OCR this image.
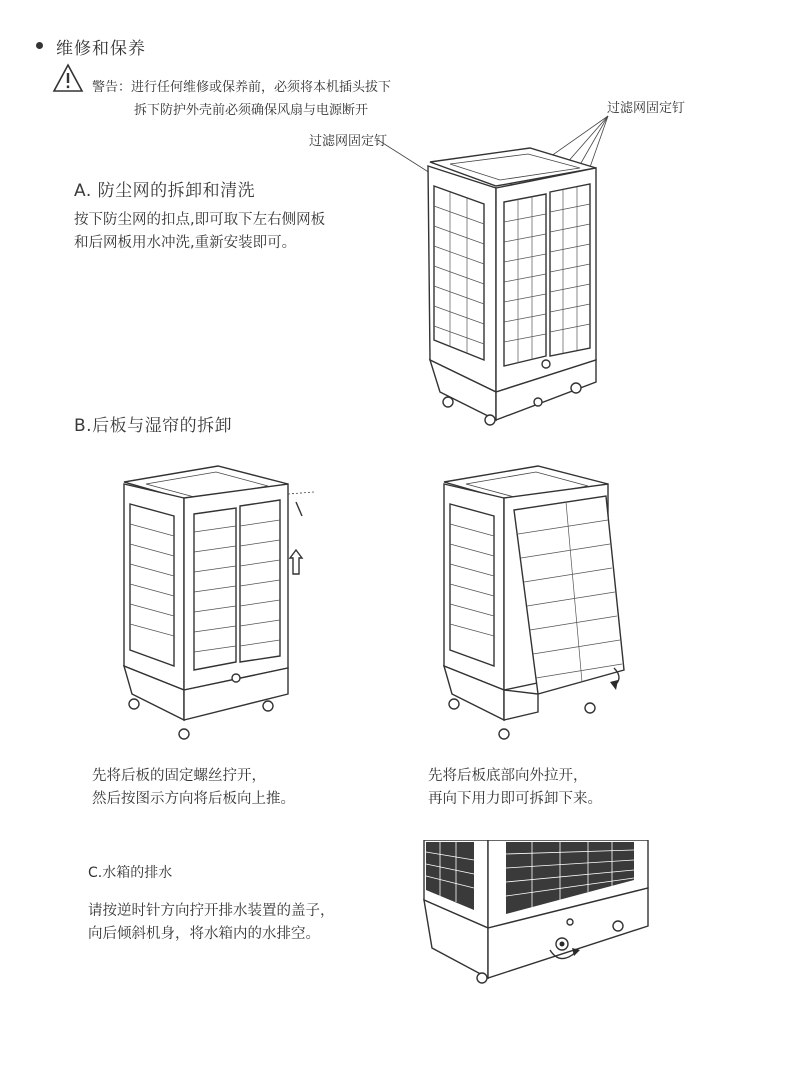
维修和保养
警告：进行任何维修或保养前，必须将本机插头拔下
拆下防护外壳前必须确保风扇与电源断开	过滤网固定钉
过滤网固定钉
A. 防尘网的拆卸和清洗
按下防尘网的扣点,即可取下左右侧网板
和后网板用水冲洗,重新安装即可。
B.后板与湿帘的拆卸
先将后板的固定螺丝拧开，
然后按图示方向将后板向上推。
先将后板底部向外拉开，
再向下用力即可拆卸下来。
C.水箱的排水
请按逆时针方向拧开排水装置的盖子，
向后倾斜机身，将水箱内的水排空。
